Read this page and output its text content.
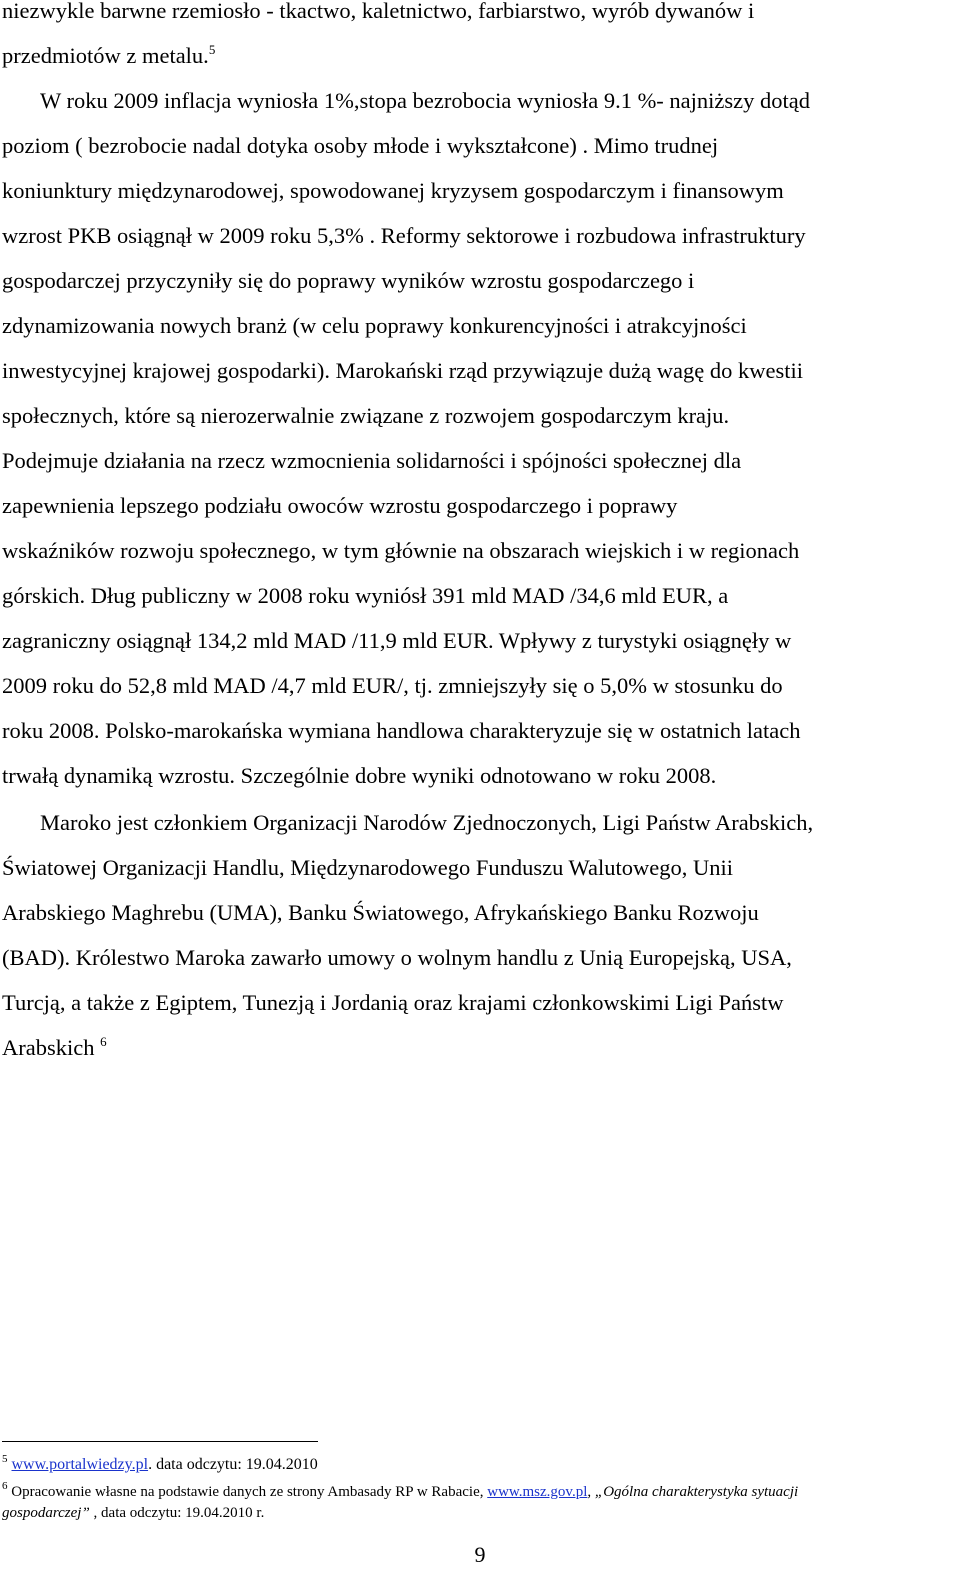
niezwykle barwne rzemiosło - tkactwo, kaletnictwo, farbiarstwo, wyrób dywanów i
przedmiotów z metalu.$^5$
W roku 2009 inflacja wyniosła 1%,stopa bezrobocia wyniosła 9.1 %- najniższy dotąd
poziom ( bezrobocie nadal dotyka osoby młode i wykształcone) . Mimo trudnej
koniunktury międzynarodowej, spowodowanej kryzysem gospodarczym i finansowym
wzrost PKB osiągnął w 2009 roku 5,3% . Reformy sektorowe i rozbudowa infrastruktury
gospodarczej przyczyniły się do poprawy wyników wzrostu gospodarczego i
zdynamizowania nowych branż (w celu poprawy konkurencyjności i atrakcyjności
inwestycyjnej krajowej gospodarki). Marokański rząd przywiązuje dużą wagę do kwestii
społecznych, które są nierozerwalnie związane z rozwojem gospodarczym kraju.
Podejmuje działania na rzecz wzmocnienia solidarności i spójności społecznej dla
zapewnienia lepszego podziału owoców wzrostu gospodarczego i poprawy
wskaźników rozwoju społecznego, w tym głównie na obszarach wiejskich i w regionach
górskich. Dług publiczny w 2008 roku wyniósł 391 mld MAD /34,6 mld EUR, a
zagraniczny osiągnął 134,2 mld MAD /11,9 mld EUR. Wpływy z turystyki osiągnęły w
2009 roku do 52,8 mld MAD /4,7 mld EUR/, tj. zmniejszyły się o 5,0% w stosunku do
roku 2008. Polsko-marokańska wymiana handlowa charakteryzuje się w ostatnich latach
trwałą dynamiką wzrostu. Szczególnie dobre wyniki odnotowano w roku 2008.
Maroko jest członkiem Organizacji Narodów Zjednoczonych, Ligi Państw Arabskich,
Światowej Organizacji Handlu, Międzynarodowego Funduszu Walutowego, Unii
Arabskiego Maghrebu (UMA), Banku Światowego, Afrykańskiego Banku Rozwoju
(BAD). Królestwo Maroka zawarło umowy o wolnym handlu z Unią Europejską, USA,
Turcją, a także z Egiptem, Tunezją i Jordanią oraz krajami członkowskimi Ligi Państw
Arabskich $^6$
$^5$ www.portalwiedzy.pl. data odczytu: 19.04.2010
$^6$ Opracowanie własne na podstawie danych ze strony Ambasady RP w Rabacie, www.msz.gov.pl, „Ogólna charakterystyka sytuacji
gospodarczej” , data odczytu: 19.04.2010 r.
9
